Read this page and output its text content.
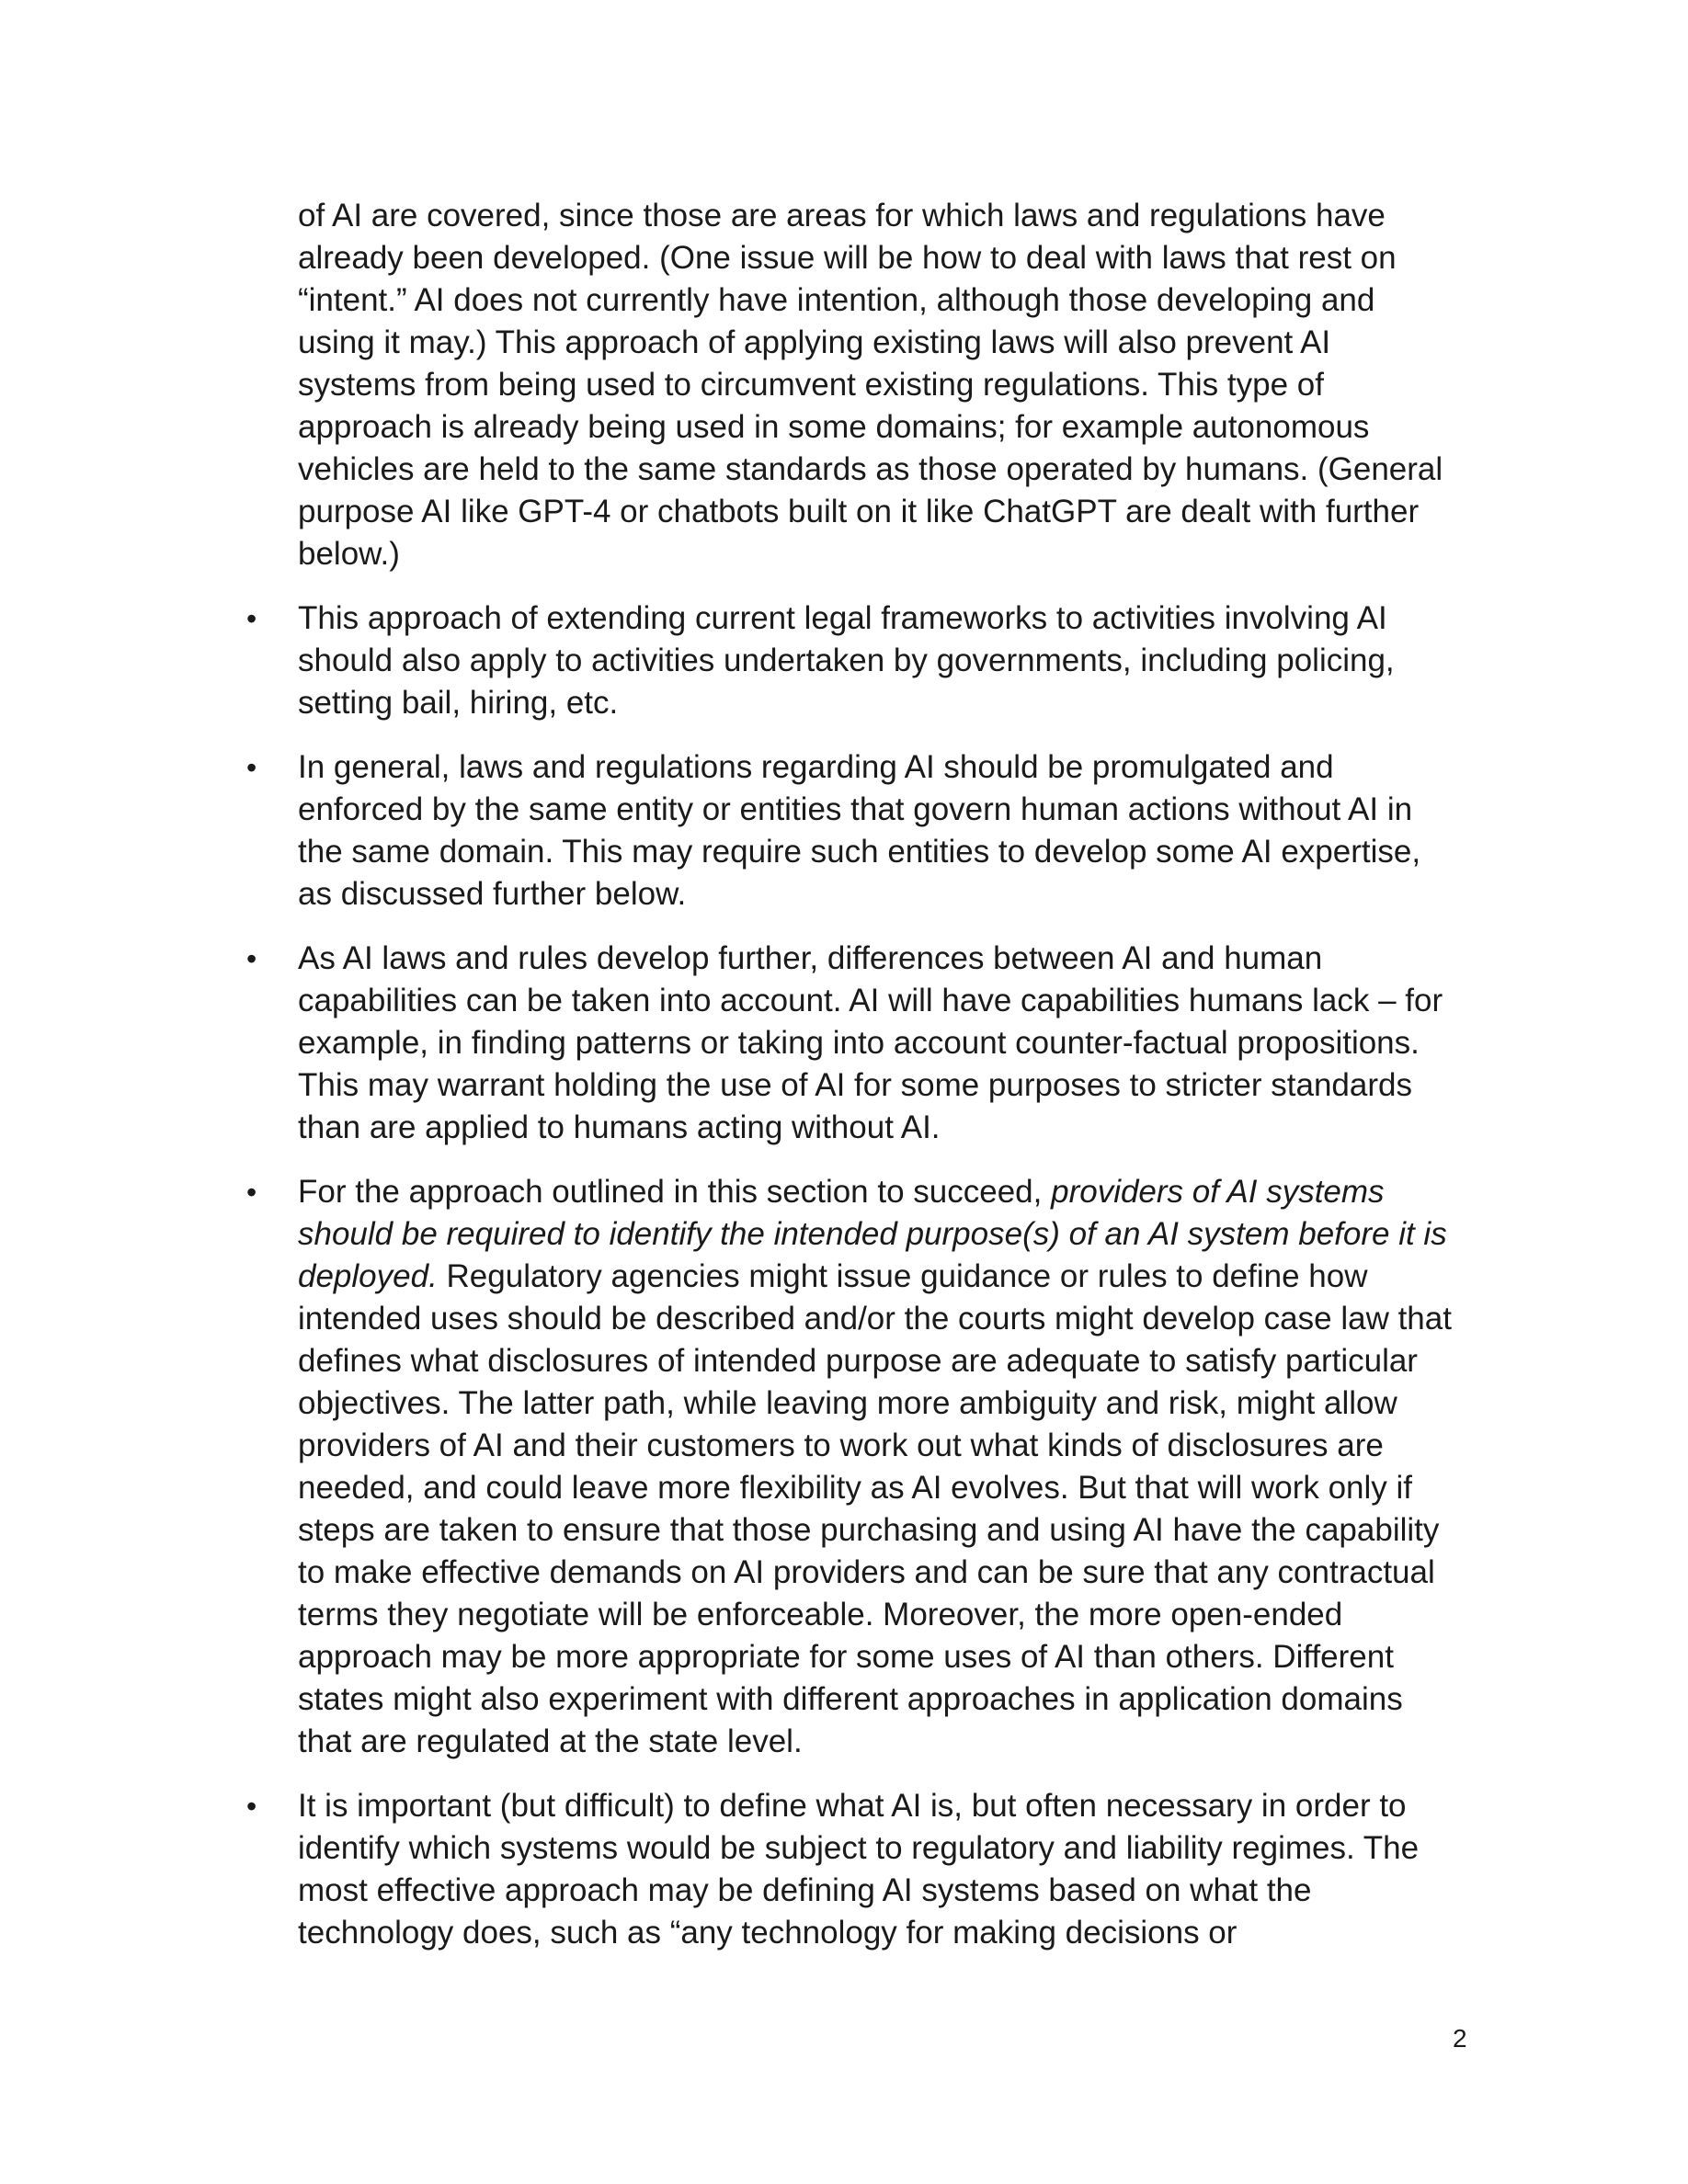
of AI are covered, since those are areas for which laws and regulations have
already been developed. (One issue will be how to deal with laws that rest on
“intent.” AI does not currently have intention, although those developing and
using it may.) This approach of applying existing laws will also prevent AI
systems from being used to circumvent existing regulations. This type of
approach is already being used in some domains; for example autonomous
vehicles are held to the same standards as those operated by humans. (General
purpose AI like GPT-4 or chatbots built on it like ChatGPT are dealt with further
below.)
• This approach of extending current legal frameworks to activities involving AI
should also apply to activities undertaken by governments, including policing,
setting bail, hiring, etc.
• In general, laws and regulations regarding AI should be promulgated and
enforced by the same entity or entities that govern human actions without AI in
the same domain. This may require such entities to develop some AI expertise,
as discussed further below.
• As AI laws and rules develop further, differences between AI and human
capabilities can be taken into account. AI will have capabilities humans lack – for
example, in finding patterns or taking into account counter-factual propositions.
This may warrant holding the use of AI for some purposes to stricter standards
than are applied to humans acting without AI.
• For the approach outlined in this section to succeed, providers of AI systems
should be required to identify the intended purpose(s) of an AI system before it is
deployed. Regulatory agencies might issue guidance or rules to define how
intended uses should be described and/or the courts might develop case law that
defines what disclosures of intended purpose are adequate to satisfy particular
objectives. The latter path, while leaving more ambiguity and risk, might allow
providers of AI and their customers to work out what kinds of disclosures are
needed, and could leave more flexibility as AI evolves. But that will work only if
steps are taken to ensure that those purchasing and using AI have the capability
to make effective demands on AI providers and can be sure that any contractual
terms they negotiate will be enforceable. Moreover, the more open-ended
approach may be more appropriate for some uses of AI than others. Different
states might also experiment with different approaches in application domains
that are regulated at the state level.
• It is important (but difficult) to define what AI is, but often necessary in order to
identify which systems would be subject to regulatory and liability regimes. The
most effective approach may be defining AI systems based on what the
technology does, such as “any technology for making decisions or
2
